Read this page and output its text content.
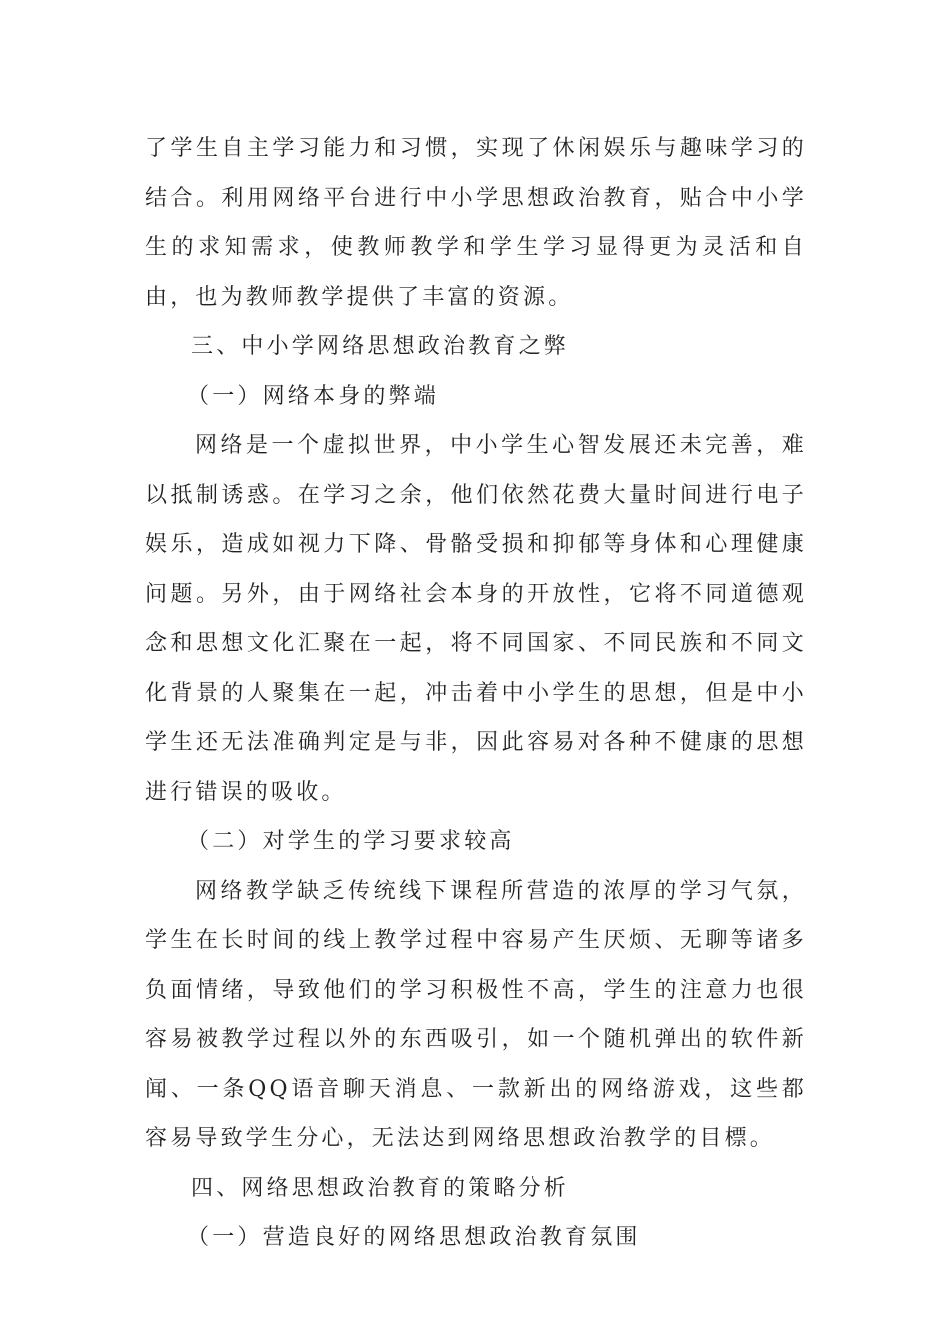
了学生自主学习能力和习惯，实现了休闲娱乐与趣味学习的结合。利用网络平台进行中小学思想政治教育，贴合中小学生的求知需求，使教师教学和学生学习显得更为灵活和自由，也为教师教学提供了丰富的资源。

三、中小学网络思想政治教育之弊

（一）网络本身的弊端

网络是一个虚拟世界，中小学生心智发展还未完善，难以抵制诱惑。在学习之余，他们依然花费大量时间进行电子娱乐，造成如视力下降、骨骼受损和抑郁等身体和心理健康问题。另外，由于网络社会本身的开放性，它将不同道德观念和思想文化汇聚在一起，将不同国家、不同民族和不同文化背景的人聚集在一起，冲击着中小学生的思想，但是中小学生还无法准确判定是与非，因此容易对各种不健康的思想进行错误的吸收。

（二）对学生的学习要求较高

网络教学缺乏传统线下课程所营造的浓厚的学习气氛，学生在长时间的线上教学过程中容易产生厌烦、无聊等诸多负面情绪，导致他们的学习积极性不高，学生的注意力也很容易被教学过程以外的东西吸引，如一个随机弹出的软件新闻、一条QQ语音聊天消息、一款新出的网络游戏，这些都容易导致学生分心，无法达到网络思想政治教学的目標。

四、网络思想政治教育的策略分析

（一）营造良好的网络思想政治教育氛围
